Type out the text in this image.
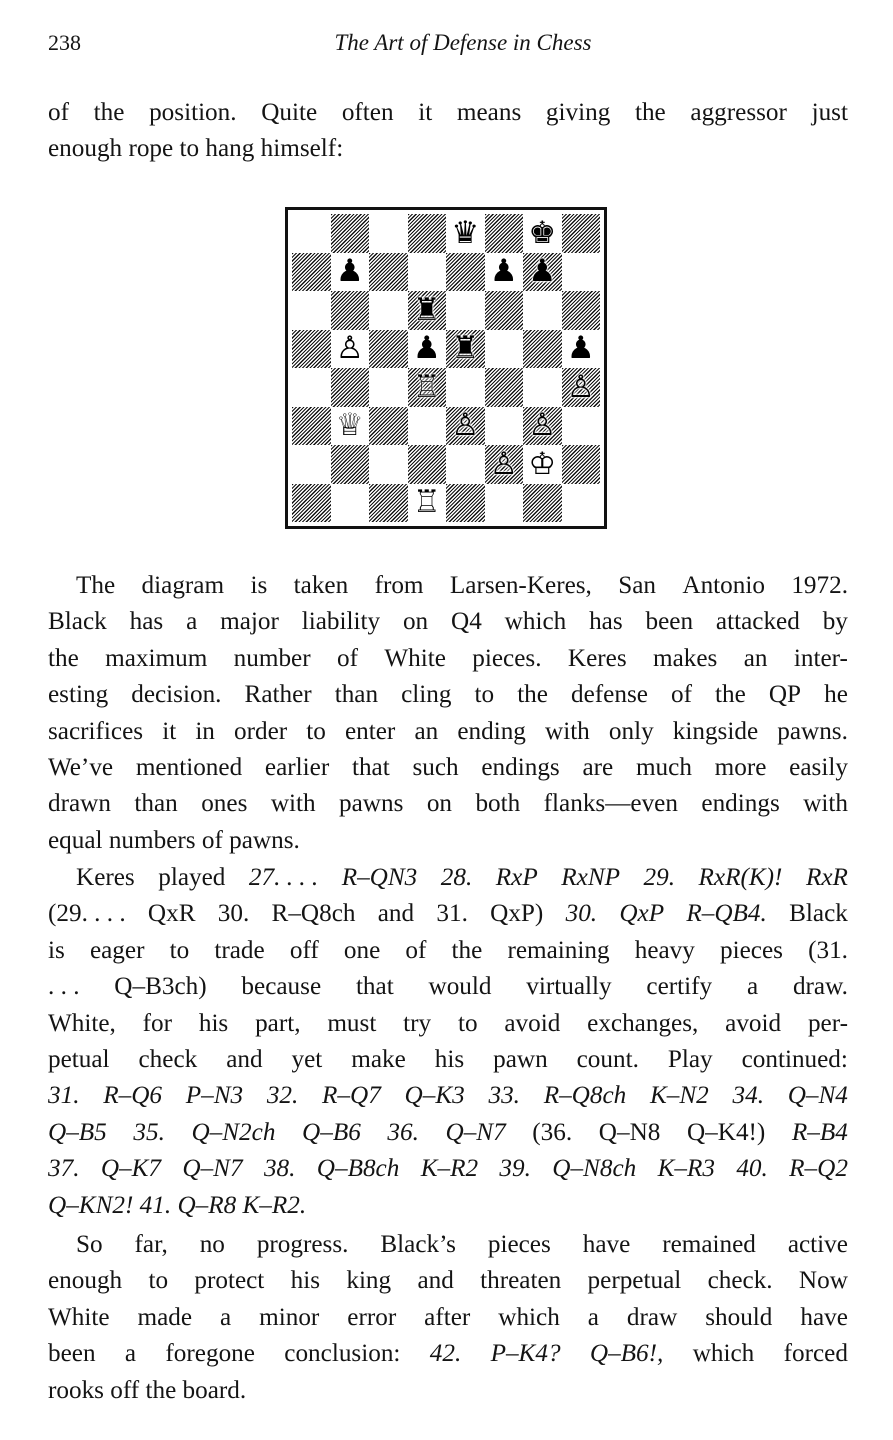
238	The Art of Defense in Chess
of the position. Quite often it means giving the aggressor just
enough rope to hang himself:
♛ ♚
♟	♟ ♟
♜
♙ ♟ ♜	♟
♖	♙
♕	♙ ♙
♙ ♔
♖
The diagram is taken from Larsen-Keres, San Antonio 1972.
Black has a major liability on Q4 which has been attacked by
the maximum number of White pieces. Keres makes an inter-
esting decision. Rather than cling to the defense of the QP he
sacrifices it in order to enter an ending with only kingside pawns.
We’ve mentioned earlier that such endings are much more easily
drawn than ones with pawns on both flanks—even endings with
equal numbers of pawns.
Keres played 27. . . . R–QN3 28. RxP RxNP 29. RxR(K)! RxR
(29. . . . QxR 30. R–Q8ch and 31. QxP) 30. QxP R–QB4. Black
is eager to trade off one of the remaining heavy pieces (31.
. . . Q–B3ch) because that would virtually certify a draw.
White, for his part, must try to avoid exchanges, avoid per-
petual check and yet make his pawn count. Play continued:
31. R–Q6 P–N3 32. R–Q7 Q–K3 33. R–Q8ch K–N2 34. Q–N4
Q–B5 35. Q–N2ch Q–B6 36. Q–N7 (36. Q–N8 Q–K4!) R–B4
37. Q–K7 Q–N7 38. Q–B8ch K–R2 39. Q–N8ch K–R3 40. R–Q2
Q–KN2! 41. Q–R8 K–R2.
So far, no progress. Black’s pieces have remained active
enough to protect his king and threaten perpetual check. Now
White made a minor error after which a draw should have
been a foregone conclusion: 42. P–K4? Q–B6!, which forced
rooks off the board.
